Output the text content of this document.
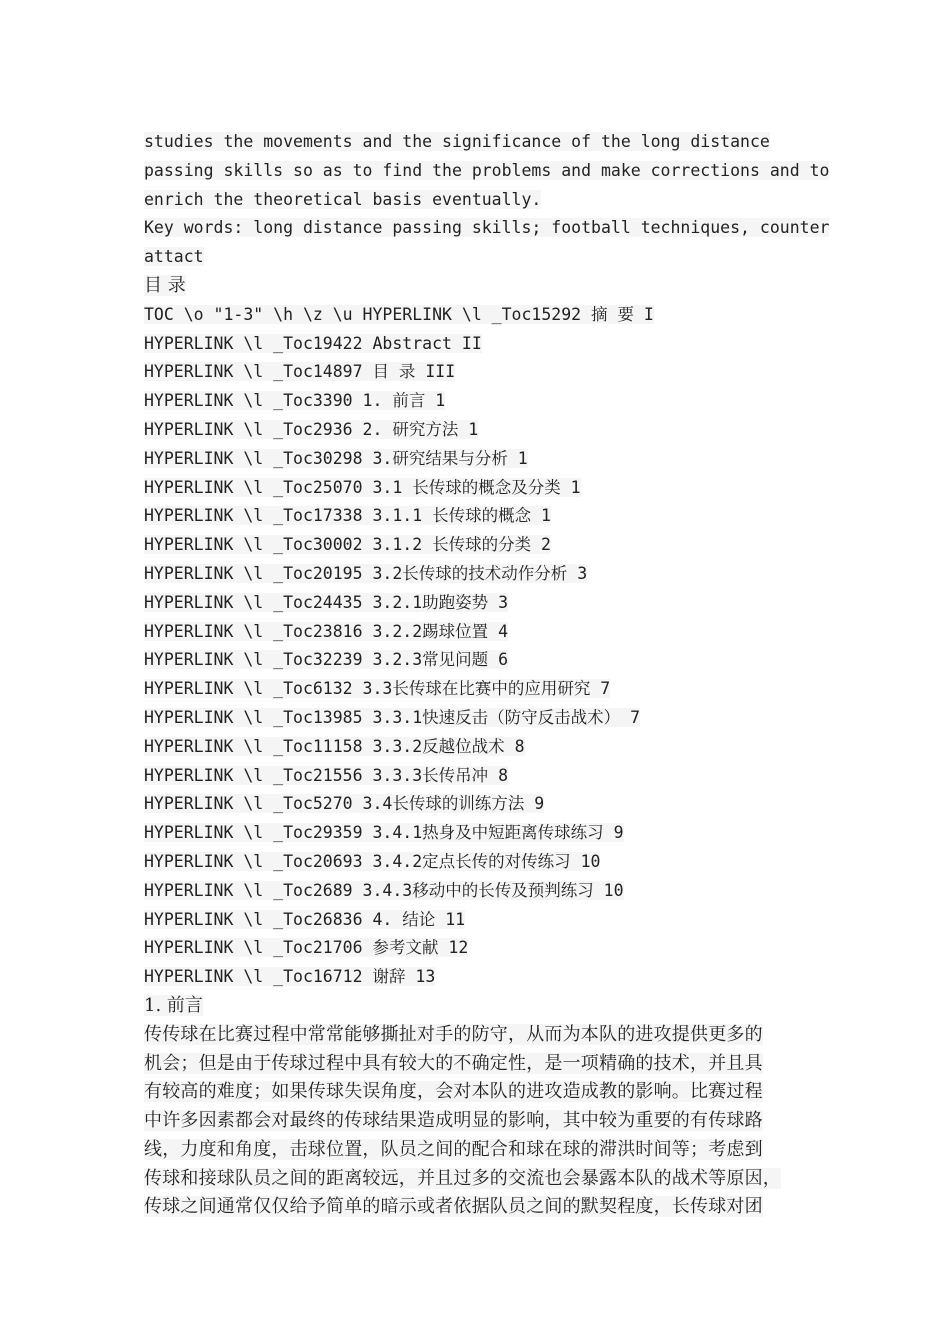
studies the movements and the significance of the long distance
passing skills so as to find the problems and make corrections and to
enrich the theoretical basis eventually.
Key words: long distance passing skills; football techniques, counter
attact
目 录
TOC \o "1-3" \h \z \u HYPERLINK \l _Toc15292 摘 要 I
HYPERLINK \l _Toc19422 Abstract II
HYPERLINK \l _Toc14897 目 录 III
HYPERLINK \l _Toc3390 1. 前言 1
HYPERLINK \l _Toc2936 2. 研究方法 1
HYPERLINK \l _Toc30298 3.研究结果与分析 1
HYPERLINK \l _Toc25070 3.1 长传球的概念及分类 1
HYPERLINK \l _Toc17338 3.1.1 长传球的概念 1
HYPERLINK \l _Toc30002 3.1.2 长传球的分类 2
HYPERLINK \l _Toc20195 3.2长传球的技术动作分析 3
HYPERLINK \l _Toc24435 3.2.1助跑姿势 3
HYPERLINK \l _Toc23816 3.2.2踢球位置 4
HYPERLINK \l _Toc32239 3.2.3常见问题 6
HYPERLINK \l _Toc6132 3.3长传球在比赛中的应用研究 7
HYPERLINK \l _Toc13985 3.3.1快速反击（防守反击战术） 7
HYPERLINK \l _Toc11158 3.3.2反越位战术 8
HYPERLINK \l _Toc21556 3.3.3长传吊冲 8
HYPERLINK \l _Toc5270 3.4长传球的训练方法 9
HYPERLINK \l _Toc29359 3.4.1热身及中短距离传球练习 9
HYPERLINK \l _Toc20693 3.4.2定点长传的对传练习 10
HYPERLINK \l _Toc2689 3.4.3移动中的长传及预判练习 10
HYPERLINK \l _Toc26836 4. 结论 11
HYPERLINK \l _Toc21706 参考文献 12
HYPERLINK \l _Toc16712 谢辞 13
1. 前言
传传球在比赛过程中常常能够撕扯对手的防守，从而为本队的进攻提供更多的
机会；但是由于传球过程中具有较大的不确定性，是一项精确的技术，并且具
有较高的难度；如果传球失误角度，会对本队的进攻造成教的影响。比赛过程
中许多因素都会对最终的传球结果造成明显的影响，其中较为重要的有传球路
线，力度和角度，击球位置，队员之间的配合和球在球的滞洪时间等；考虑到
传球和接球队员之间的距离较远，并且过多的交流也会暴露本队的战术等原因，
传球之间通常仅仅给予简单的暗示或者依据队员之间的默契程度，长传球对团
